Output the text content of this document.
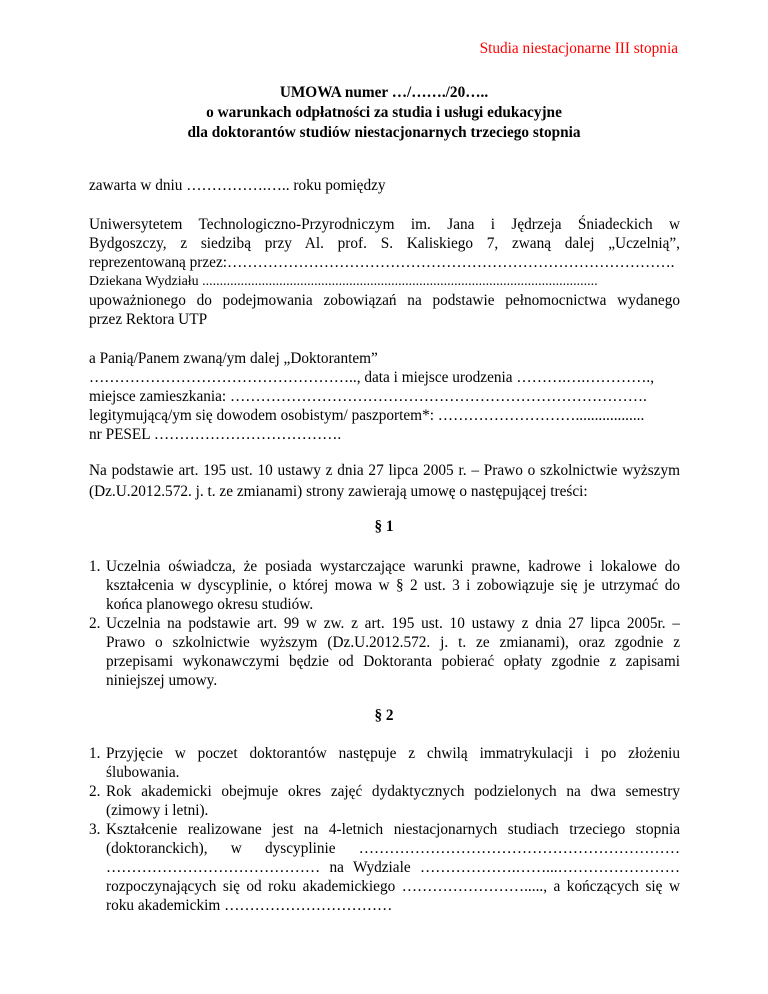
Studia niestacjonarne III stopnia
UMOWA numer …/……./20…..
o warunkach odpłatności za studia i usługi edukacyjne
dla doktorantów studiów niestacjonarnych trzeciego stopnia
zawarta w dniu …………….….. roku pomiędzy
Uniwersytetem Technologiczno-Przyrodniczym im. Jana i Jędrzeja Śniadeckich w
Bydgoszczy, z siedzibą przy Al. prof. S. Kaliskiego 7, zwaną dalej „Uczelnią”,
reprezentowaną przez:…………………………………………………………………………….
Dziekana Wydziału .................................................................................................................
upoważnionego do podejmowania zobowiązań na podstawie pełnomocnictwa wydanego
przez Rektora UTP
a Panią/Panem zwaną/ym dalej „Doktorantem”
…………………………………………….., data i miejsce urodzenia ……….….………….,
miejsce zamieszkania: ……………………………………………………………………….
legitymującą/ym się dowodem osobistym/ paszportem*: ………………………..................
nr PESEL ……………………………….
Na podstawie art. 195 ust. 10 ustawy z dnia 27 lipca 2005 r. – Prawo o szkolnictwie wyższym
(Dz.U.2012.572. j. t. ze zmianami) strony zawierają umowę o następującej treści:
§ 1
1. Uczelnia oświadcza, że posiada wystarczające warunki prawne, kadrowe i lokalowe do
kształcenia w dyscyplinie, o której mowa w § 2 ust. 3 i zobowiązuje się je utrzymać do
końca planowego okresu studiów.
2. Uczelnia na podstawie art. 99 w zw. z art. 195 ust. 10 ustawy z dnia 27 lipca 2005r. –
Prawo o szkolnictwie wyższym (Dz.U.2012.572. j. t. ze zmianami), oraz zgodnie z
przepisami wykonawczymi będzie od Doktoranta pobierać opłaty zgodnie z zapisami
niniejszej umowy.
§ 2
1. Przyjęcie w poczet doktorantów następuje z chwilą immatrykulacji i po złożeniu
ślubowania.
2. Rok akademicki obejmuje okres zajęć dydaktycznych podzielonych na dwa semestry
(zimowy i letni).
3. Kształcenie realizowane jest na 4-letnich niestacjonarnych studiach trzeciego stopnia
(doktoranckich), w dyscyplinie ………………………………………………………
…………………………………… na Wydziale ……………….……...……………………
rozpoczynających się od roku akademickiego ……………………....., a kończących się w
roku akademickim ……………………………
